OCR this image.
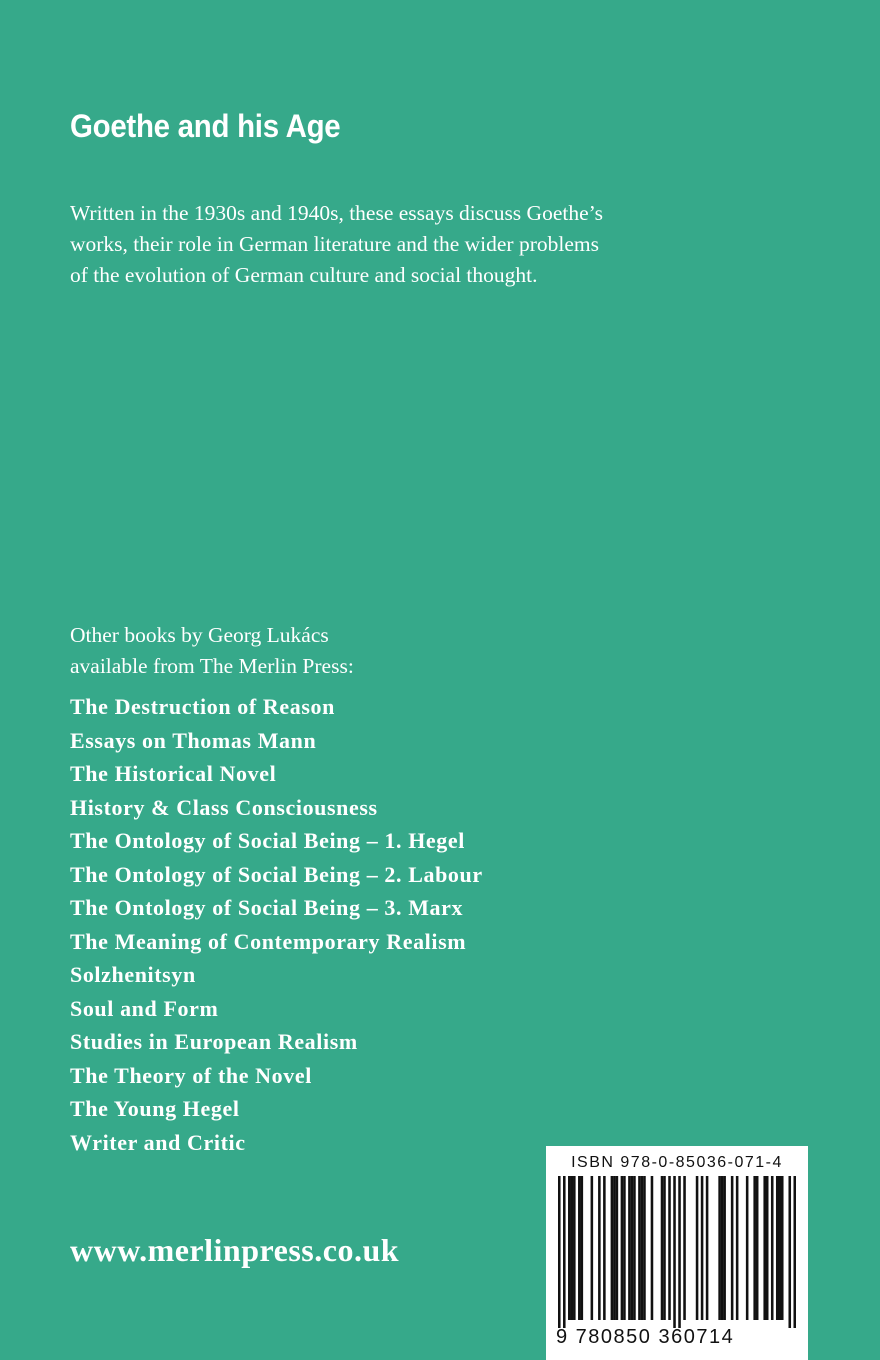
Goethe and his Age
Written in the 1930s and 1940s, these essays discuss Goethe’s
works, their role in German literature and the wider problems
of the evolution of German culture and social thought.
Other books by Georg Lukács
available from The Merlin Press:
The Destruction of Reason
Essays on Thomas Mann
The Historical Novel
History & Class Consciousness
The Ontology of Social Being – 1. Hegel
The Ontology of Social Being – 2. Labour
The Ontology of Social Being – 3. Marx
The Meaning of Contemporary Realism
Solzhenitsyn
Soul and Form
Studies in European Realism
The Theory of the Novel
The Young Hegel
Writer and Critic
www.merlinpress.co.uk
ISBN 978-0-85036-071-4
9 780850 360714
